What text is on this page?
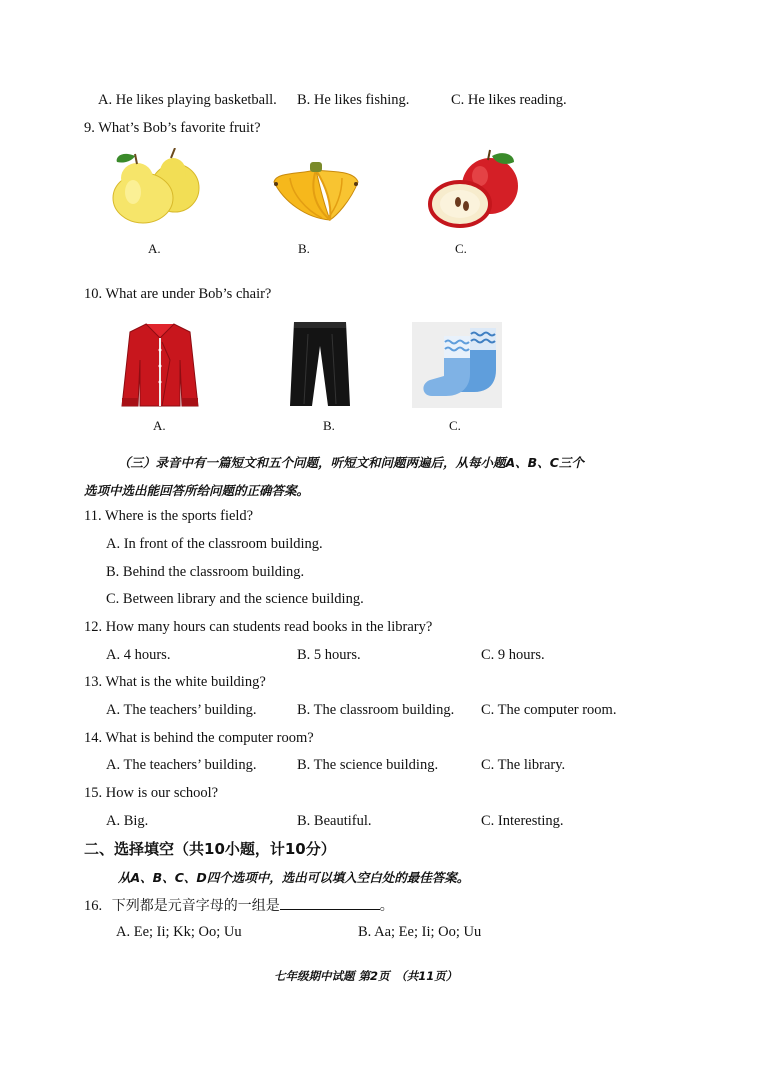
A. He likes playing basketball. B. He likes fishing.	C. He likes reading.
9. What’s Bob’s favorite fruit?
A.	B.	C.
10. What are under Bob’s chair?
A.	B.	C.
（三）录音中有一篇短文和五个问题，听短文和问题两遍后，从每小题A、B、C三个
选项中选出能回答所给问题的正确答案。
11. Where is the sports field?
A. In front of the classroom building.
B. Behind the classroom building.
C. Between library and the science building.
12. How many hours can students read books in the library?
A. 4 hours.	B. 5 hours.	C. 9 hours.
13. What is the white building?
A. The teachers’ building.	B. The classroom building. C. The computer room.
14. What is behind the computer room?
A. The teachers’ building.	B. The science building.	C. The library.
15. How is our school?
A. Big.	B. Beautiful.	C. Interesting.
二、选择填空（共10小题，计10分）
从A、B、C、D四个选项中，选出可以填入空白处的最佳答案。
16. 下列都是元音字母的一组是	。
A. Ee; Ii; Kk; Oo; Uu	B. Aa; Ee; Ii; Oo; Uu
七年级期中试题 第2页　（共11页）
